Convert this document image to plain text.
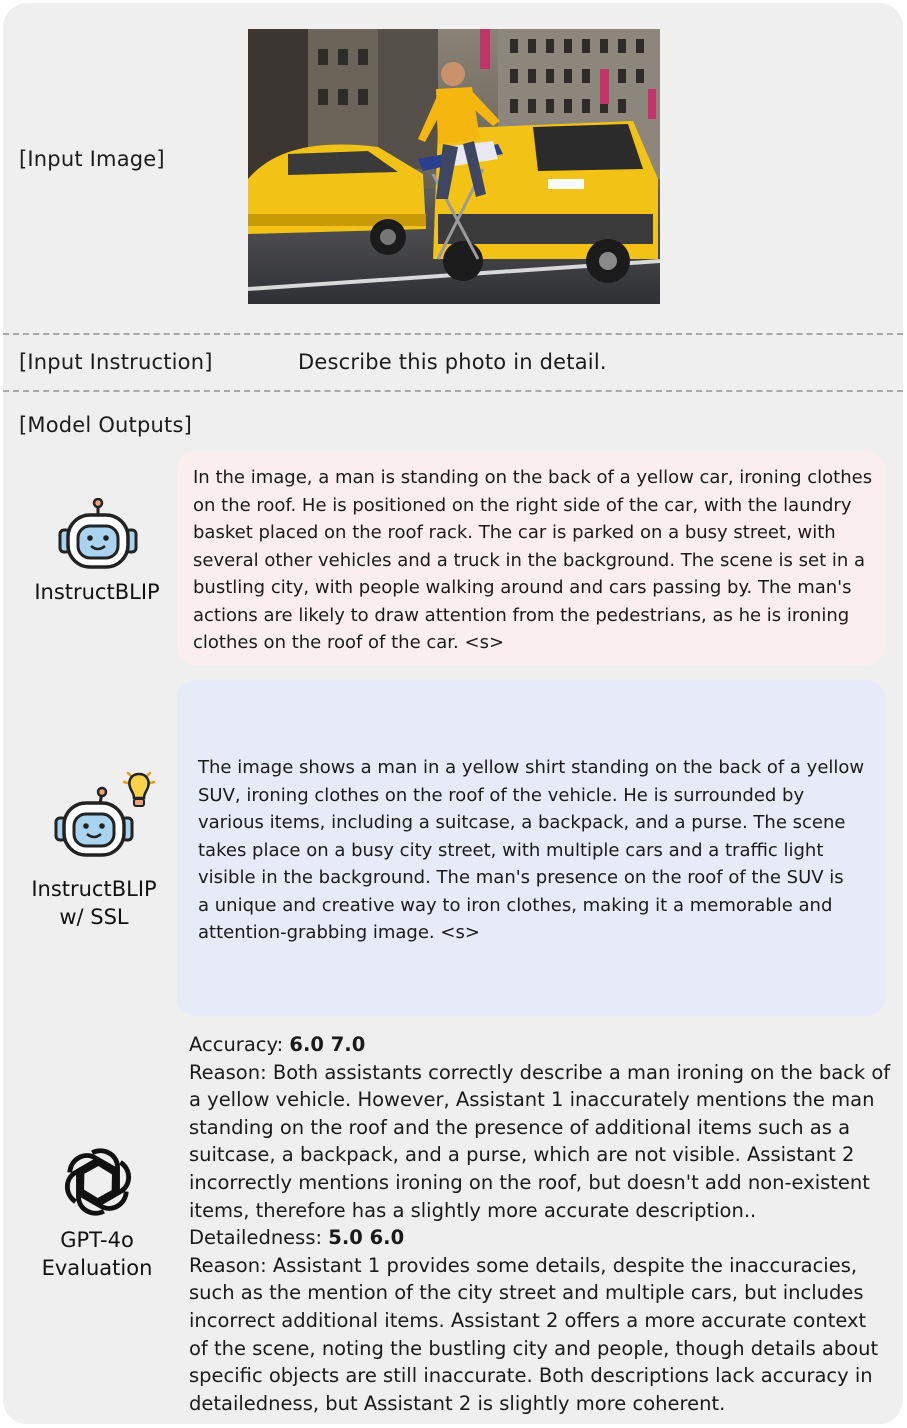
[Input Image]
[Input Instruction]	Describe this photo in detail.
[Model Outputs]
InstructBLIP
In the image, a man is standing on the back of a yellow car, ironing clothes
on the roof. He is positioned on the right side of the car, with the laundry
basket placed on the roof rack. The car is parked on a busy street, with
several other vehicles and a truck in the background. The scene is set in a
bustling city, with people walking around and cars passing by. The man's
actions are likely to draw attention from the pedestrians, as he is ironing
clothes on the roof of the car. <s>
InstructBLIP
w/ SSL
The image shows a man in a yellow shirt standing on the back of a yellow
SUV, ironing clothes on the roof of the vehicle. He is surrounded by
various items, including a suitcase, a backpack, and a purse. The scene
takes place on a busy city street, with multiple cars and a traffic light
visible in the background. The man's presence on the roof of the SUV is
a unique and creative way to iron clothes, making it a memorable and
attention-grabbing image. <s>
GPT-4o
Evaluation
Accuracy: 6.0 7.0
Reason: Both assistants correctly describe a man ironing on the back of
a yellow vehicle. However, Assistant 1 inaccurately mentions the man
standing on the roof and the presence of additional items such as a
suitcase, a backpack, and a purse, which are not visible. Assistant 2
incorrectly mentions ironing on the roof, but doesn't add non-existent
items, therefore has a slightly more accurate description..
Detailedness: 5.0 6.0
Reason: Assistant 1 provides some details, despite the inaccuracies,
such as the mention of the city street and multiple cars, but includes
incorrect additional items. Assistant 2 offers a more accurate context
of the scene, noting the bustling city and people, though details about
specific objects are still inaccurate. Both descriptions lack accuracy in
detailedness, but Assistant 2 is slightly more coherent.
